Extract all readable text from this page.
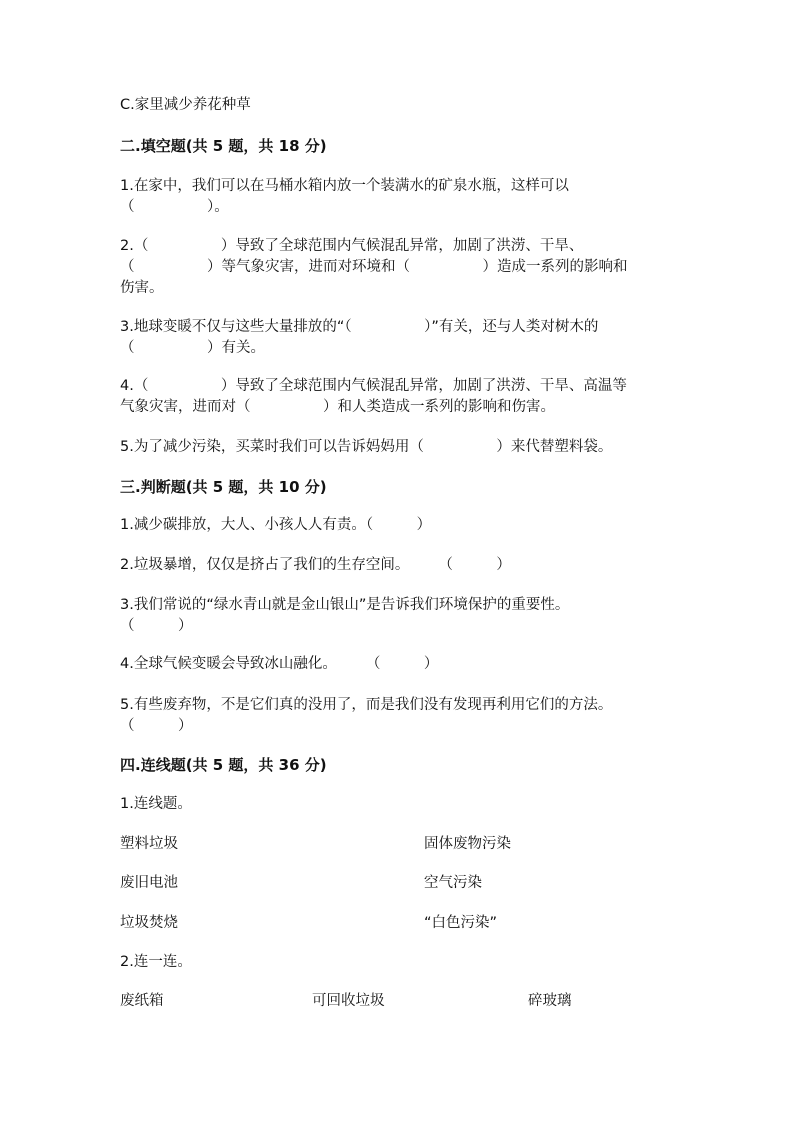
C.家里减少养花种草
二.填空题(共 5 题，共 18 分)
1.在家中，我们可以在马桶水箱内放一个装满水的矿泉水瓶，这样可以
（　　　　　）。
2.（　　　　　）导致了全球范围内气候混乱异常，加剧了洪涝、干旱、
（　　　　　）等气象灾害，进而对环境和（　　　　　）造成一系列的影响和
伤害。
3.地球变暖不仅与这些大量排放的“（　　　　　）”有关，还与人类对树木的
（　　　　　）有关。
4.（　　　　　）导致了全球范围内气候混乱异常，加剧了洪涝、干旱、高温等
气象灾害，进而对（　　　　　）和人类造成一系列的影响和伤害。
5.为了减少污染，买菜时我们可以告诉妈妈用（　　　　　）来代替塑料袋。
三.判断题(共 5 题，共 10 分)
1.减少碳排放，大人、小孩人人有责。（　　　）
2.垃圾暴增，仅仅是挤占了我们的生存空间。　　　（　　　）
3.我们常说的“绿水青山就是金山银山”是告诉我们环境保护的重要性。
（　　　）
4.全球气候变暖会导致冰山融化。　　　（　　　）
5.有些废弃物，不是它们真的没用了，而是我们没有发现再利用它们的方法。
（　　　）
四.连线题(共 5 题，共 36 分)
1.连线题。
塑料垃圾	固体废物污染
废旧电池	空气污染
垃圾焚烧	“白色污染”
2.连一连。
废纸箱	可回收垃圾	碎玻璃
